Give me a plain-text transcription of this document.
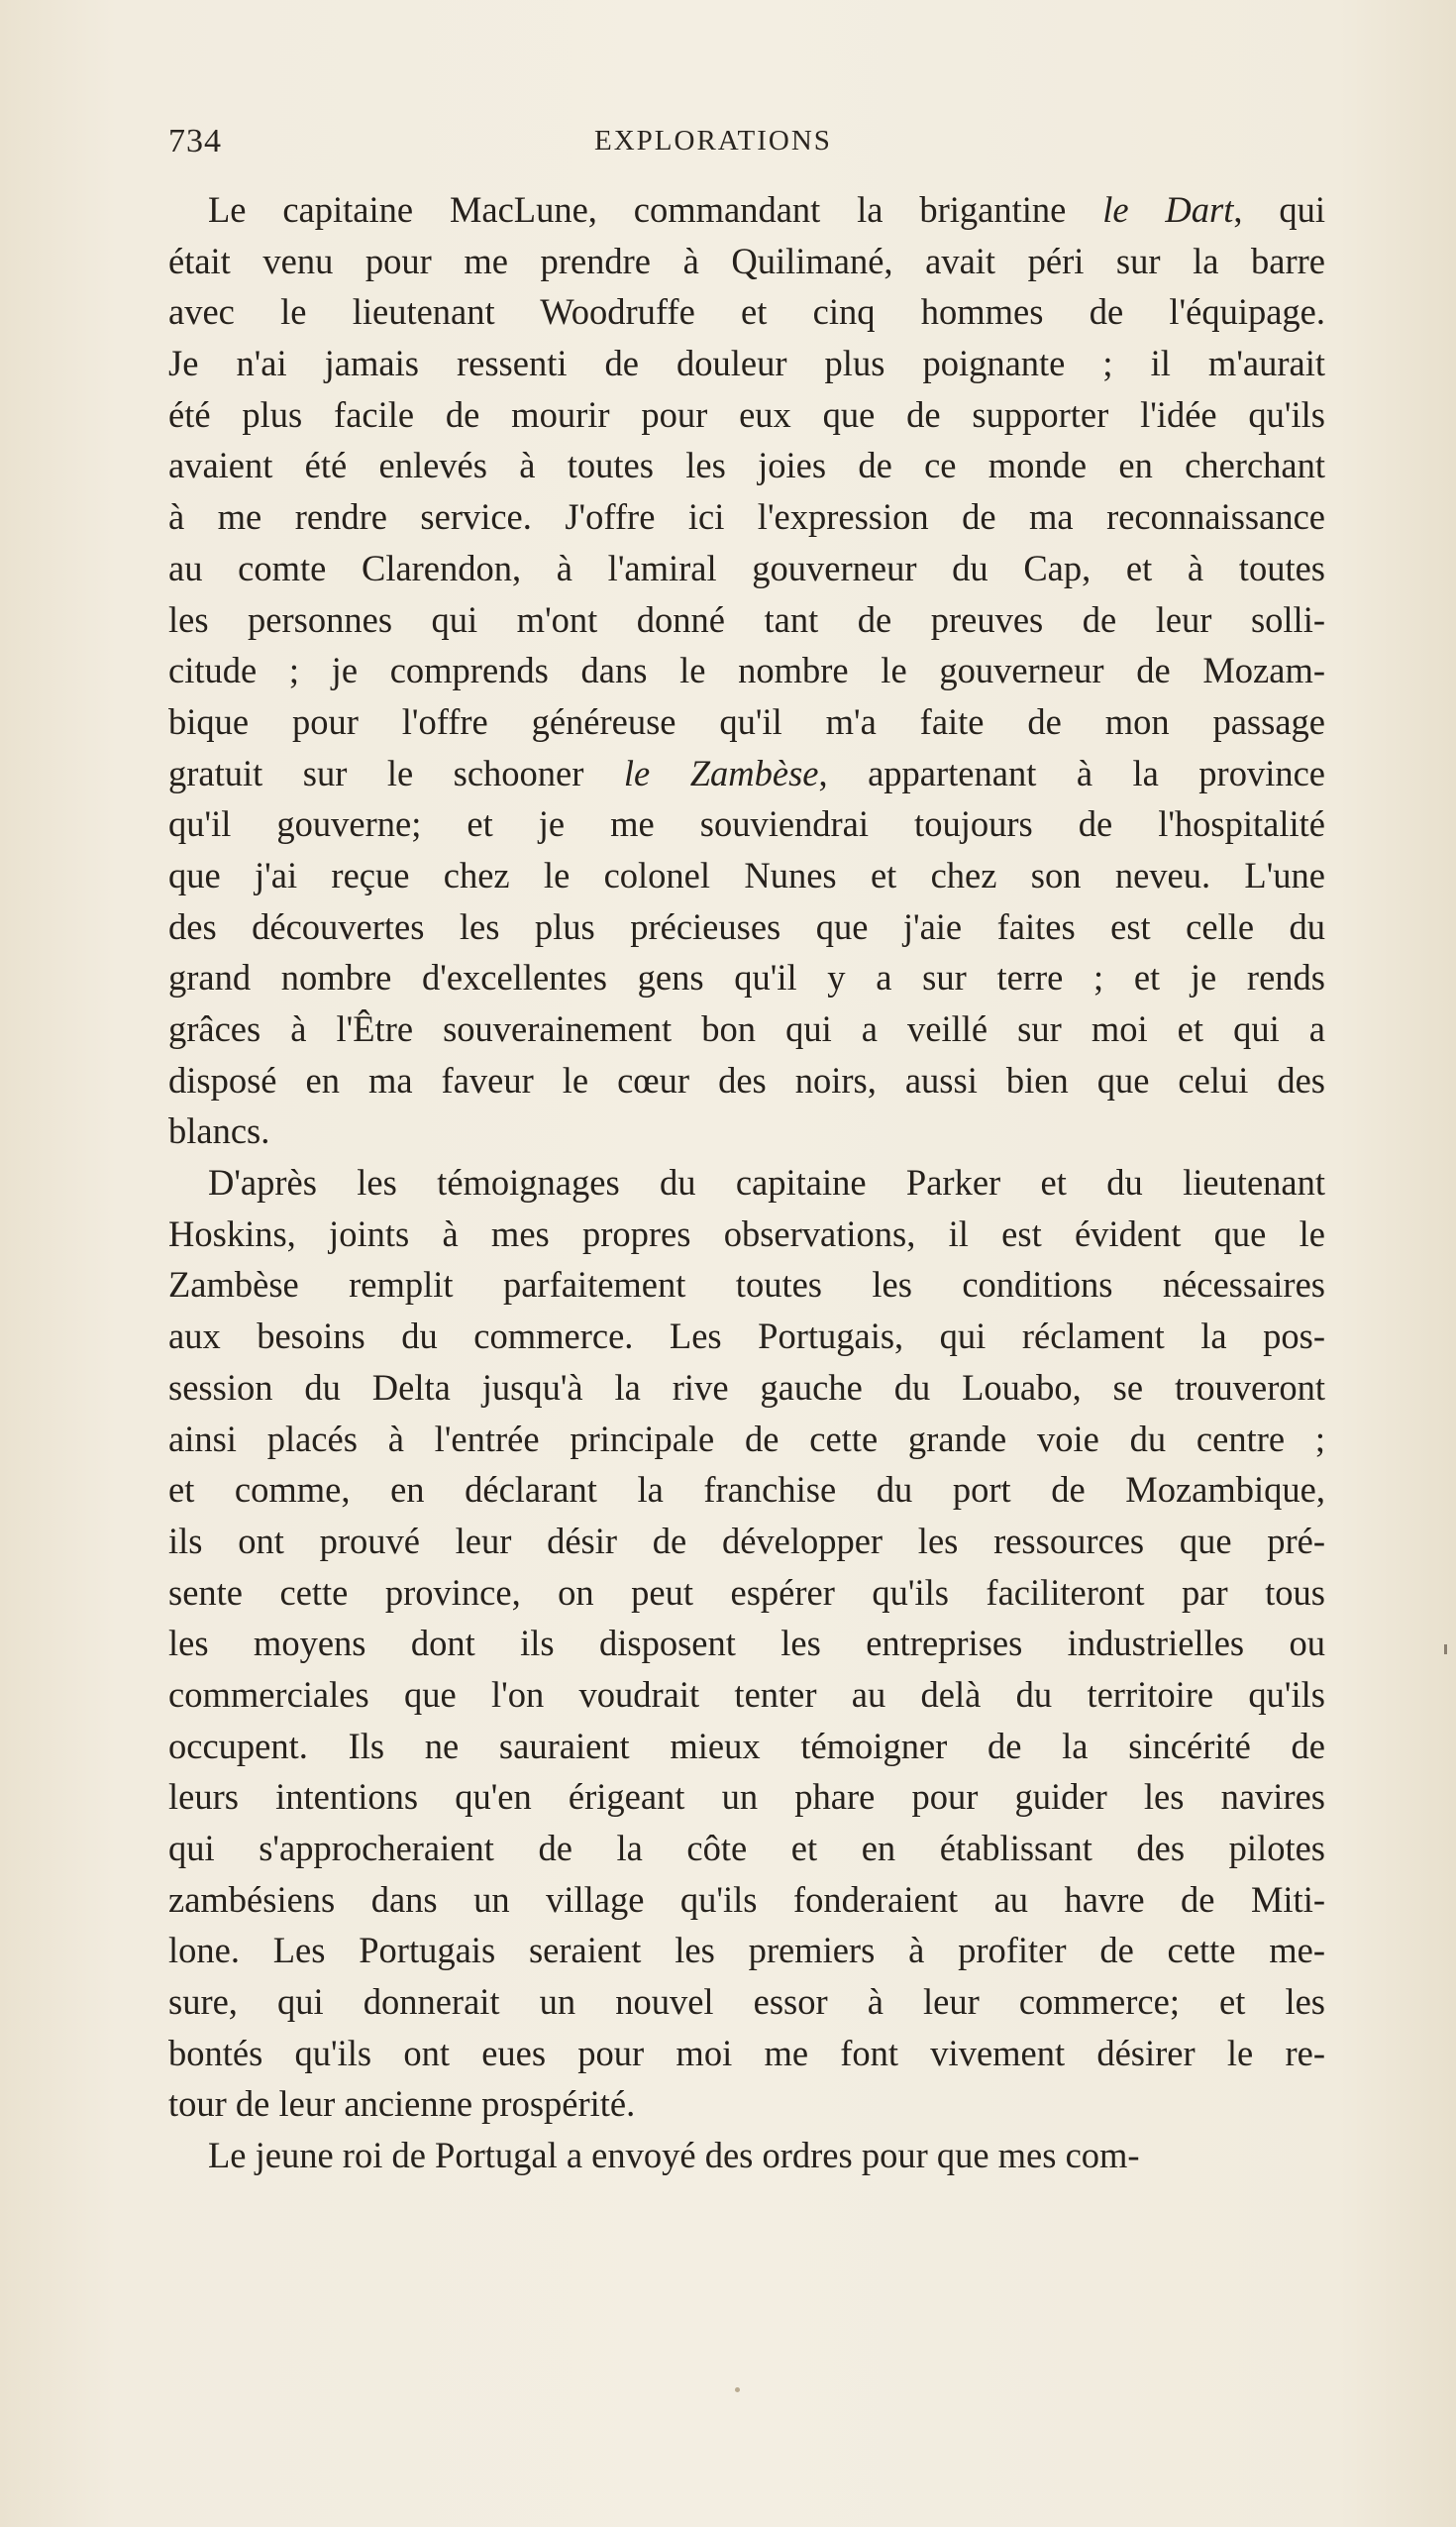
734	EXPLORATIONS
Le capitaine MacLune, commandant la brigantine le Dart, qui
était venu pour me prendre à Quilimané, avait péri sur la barre
avec le lieutenant Woodruffe et cinq hommes de l'équipage.
Je n'ai jamais ressenti de douleur plus poignante ; il m'aurait
été plus facile de mourir pour eux que de supporter l'idée qu'ils
avaient été enlevés à toutes les joies de ce monde en cherchant
à me rendre service. J'offre ici l'expression de ma reconnaissance
au comte Clarendon, à l'amiral gouverneur du Cap, et à toutes
les personnes qui m'ont donné tant de preuves de leur solli-
citude ; je comprends dans le nombre le gouverneur de Mozam-
bique pour l'offre généreuse qu'il m'a faite de mon passage
gratuit sur le schooner le Zambèse, appartenant à la province
qu'il gouverne; et je me souviendrai toujours de l'hospitalité
que j'ai reçue chez le colonel Nunes et chez son neveu. L'une
des découvertes les plus précieuses que j'aie faites est celle du
grand nombre d'excellentes gens qu'il y a sur terre ; et je rends
grâces à l'Être souverainement bon qui a veillé sur moi et qui a
disposé en ma faveur le cœur des noirs, aussi bien que celui des
blancs.
D'après les témoignages du capitaine Parker et du lieutenant
Hoskins, joints à mes propres observations, il est évident que le
Zambèse remplit parfaitement toutes les conditions nécessaires
aux besoins du commerce. Les Portugais, qui réclament la pos-
session du Delta jusqu'à la rive gauche du Louabo, se trouveront
ainsi placés à l'entrée principale de cette grande voie du centre ;
et comme, en déclarant la franchise du port de Mozambique,
ils ont prouvé leur désir de développer les ressources que pré-
sente cette province, on peut espérer qu'ils faciliteront par tous
les moyens dont ils disposent les entreprises industrielles ou
commerciales que l'on voudrait tenter au delà du territoire qu'ils
occupent. Ils ne sauraient mieux témoigner de la sincérité de
leurs intentions qu'en érigeant un phare pour guider les navires
qui s'approcheraient de la côte et en établissant des pilotes
zambésiens dans un village qu'ils fonderaient au havre de Miti-
lone. Les Portugais seraient les premiers à profiter de cette me-
sure, qui donnerait un nouvel essor à leur commerce; et les
bontés qu'ils ont eues pour moi me font vivement désirer le re-
tour de leur ancienne prospérité.
Le jeune roi de Portugal a envoyé des ordres pour que mes com-
